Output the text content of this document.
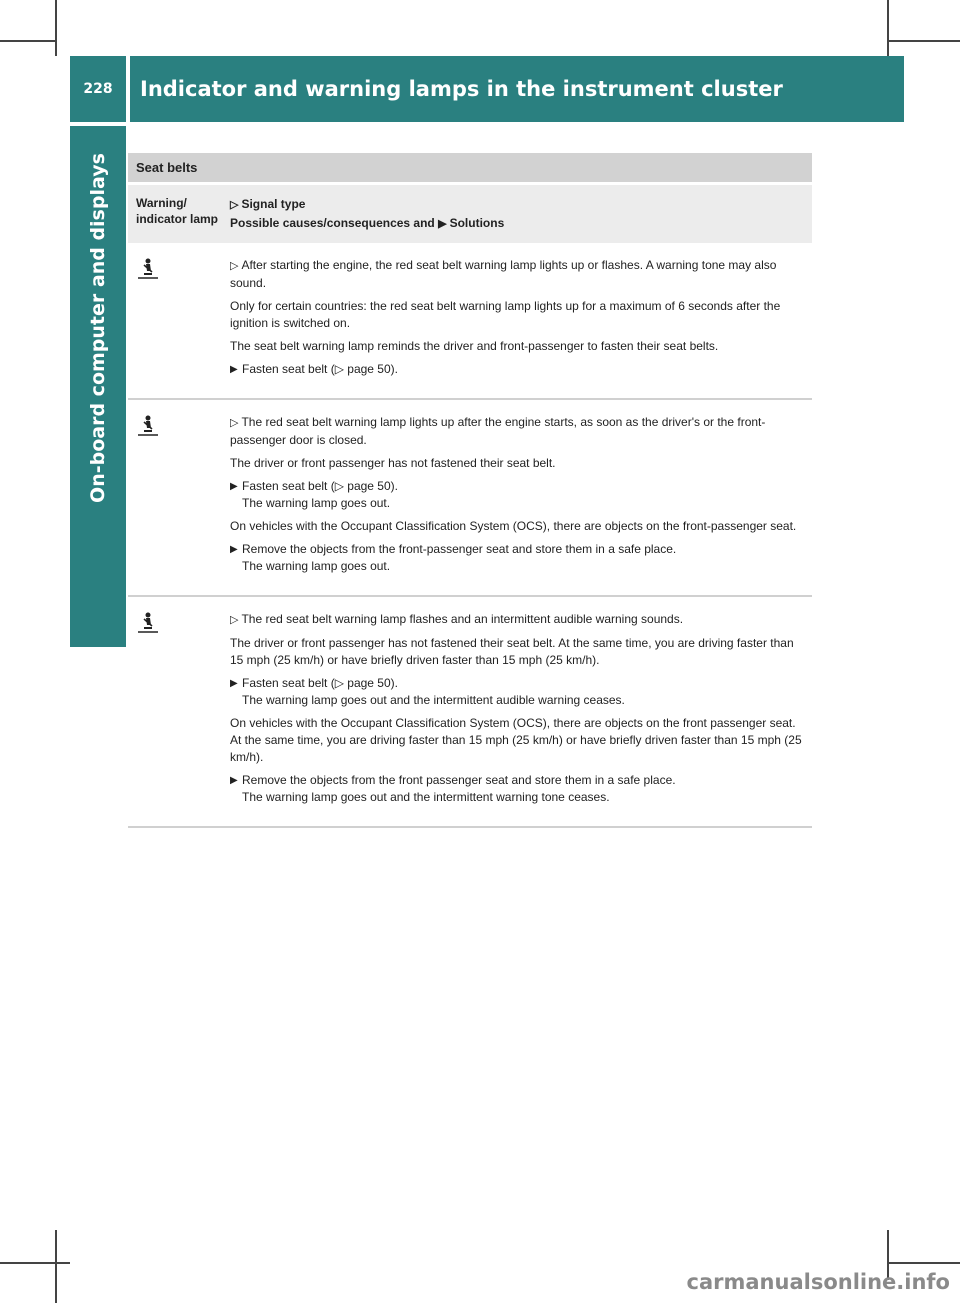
228	Indicator and warning lamps in the instrument cluster
On-board computer and displays	Seat belts
Warning/ indicator lamp
▷ Signal type
Possible causes/consequences and ▶ Solutions

▷ After starting the engine, the red seat belt warning lamp lights up or flashes. A warning tone may also sound.

Only for certain countries: the red seat belt warning lamp lights up for a maximum of 6 seconds after the ignition is switched on.

The seat belt warning lamp reminds the driver and front-passenger to fasten their seat belts.

▶ Fasten seat belt (▷ page 50).

▷ The red seat belt warning lamp lights up after the engine starts, as soon as the driver's or the front-passenger door is closed.

The driver or front passenger has not fastened their seat belt.

▶ Fasten seat belt (▷ page 50).
The warning lamp goes out.

On vehicles with the Occupant Classification System (OCS), there are objects on the front-passenger seat.

▶ Remove the objects from the front-passenger seat and store them in a safe place.
The warning lamp goes out.

▷ The red seat belt warning lamp flashes and an intermittent audible warning sounds.

The driver or front passenger has not fastened their seat belt. At the same time, you are driving faster than 15 mph (25 km/h) or have briefly driven faster than 15 mph (25 km/h).

▶ Fasten seat belt (▷ page 50).
The warning lamp goes out and the intermittent audible warning ceases.

On vehicles with the Occupant Classification System (OCS), there are objects on the front passenger seat. At the same time, you are driving faster than 15 mph (25 km/h) or have briefly driven faster than 15 mph (25 km/h).

▶ Remove the objects from the front passenger seat and store them in a safe place.
The warning lamp goes out and the intermittent warning tone ceases.
carmanualsonline.info
